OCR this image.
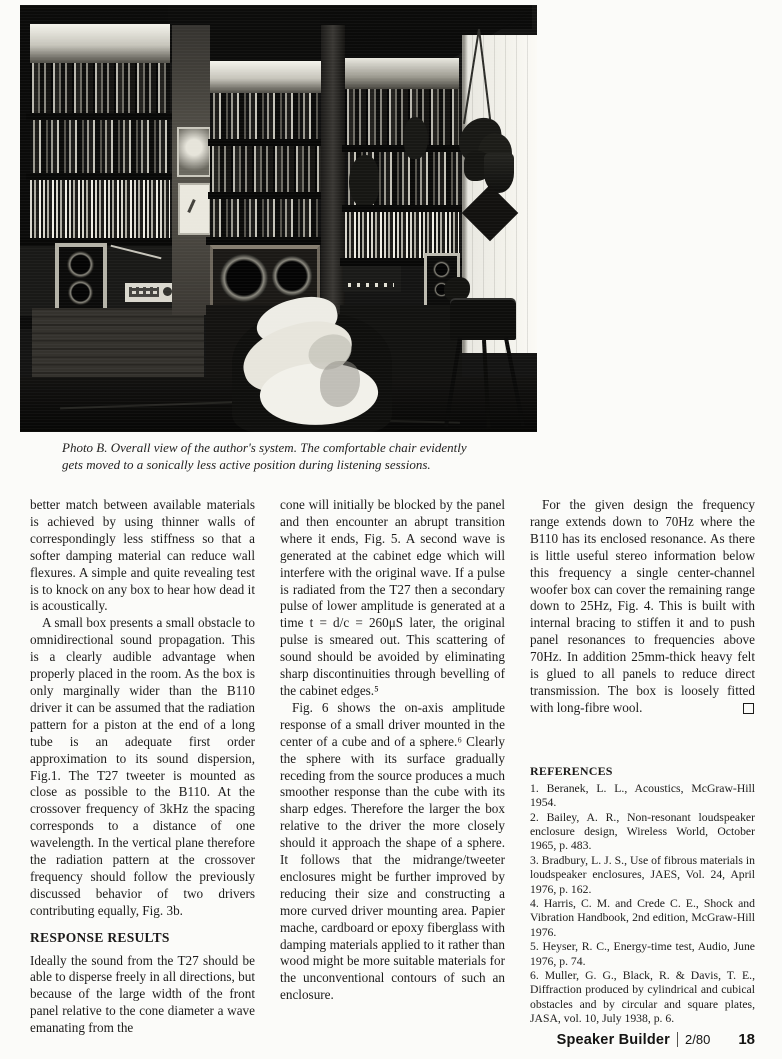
Photo B. Overall view of the author's system. The comfortable chair evidently
gets moved to a sonically less active position during listening sessions.

better match between available materials is achieved by using thinner walls of correspondingly less stiffness so that a softer damping material can reduce wall flexures. A simple and quite revealing test is to knock on any box to hear how dead it is acoustically.

A small box presents a small obstacle to omnidirectional sound propagation. This is a clearly audible advantage when properly placed in the room. As the box is only marginally wider than the B110 driver it can be assumed that the radiation pattern for a piston at the end of a long tube is an adequate first order approximation to its sound dispersion, Fig.1. The T27 tweeter is mounted as close as possible to the B110. At the crossover frequency of 3kHz the spacing corresponds to a distance of one wavelength. In the vertical plane therefore the radiation pattern at the crossover frequency should follow the previously discussed behavior of two drivers contributing equally, Fig. 3b.

RESPONSE RESULTS

Ideally the sound from the T27 should be able to disperse freely in all directions, but because of the large width of the front panel relative to the cone diameter a wave emanating from the

cone will initially be blocked by the panel and then encounter an abrupt transition where it ends, Fig. 5. A second wave is generated at the cabinet edge which will interfere with the original wave. If a pulse is radiated from the T27 then a secondary pulse of lower amplitude is generated at a time t = d/c = 260μS later, the original pulse is smeared out. This scattering of sound should be avoided by eliminating sharp discontinuities through bevelling of the cabinet edges.⁵

Fig. 6 shows the on-axis amplitude response of a small driver mounted in the center of a cube and of a sphere.⁶ Clearly the sphere with its surface gradually receding from the source produces a much smoother response than the cube with its sharp edges. Therefore the larger the box relative to the driver the more closely should it approach the shape of a sphere. It follows that the midrange/tweeter enclosures might be further improved by reducing their size and constructing a more curved driver mounting area. Papier mache, cardboard or epoxy fiberglass with damping materials applied to it rather than wood might be more suitable materials for the unconventional contours of such an enclosure.

For the given design the frequency range extends down to 70Hz where the B110 has its enclosed resonance. As there is little useful stereo information below this frequency a single center-channel woofer box can cover the remaining range down to 25Hz, Fig. 4. This is built with internal bracing to stiffen it and to push panel resonances to frequencies above 70Hz. In addition 25mm-thick heavy felt is glued to all panels to reduce direct transmission. The box is loosely fitted with long-fibre wool.

REFERENCES

1. Beranek, L. L., Acoustics, McGraw-Hill 1954.

2. Bailey, A. R., Non-resonant loudspeaker enclosure design, Wireless World, October 1965, p. 483.

3. Bradbury, L. J. S., Use of fibrous materials in loudspeaker enclosures, JAES, Vol. 24, April 1976, p. 162.

4. Harris, C. M. and Crede C. E., Shock and Vibration Handbook, 2nd edition, McGraw-Hill 1976.

5. Heyser, R. C., Energy-time test, Audio, June 1976, p. 74.

6. Muller, G. G., Black, R. & Davis, T. E., Diffraction produced by cylindrical and cubical obstacles and by circular and square plates, JASA, vol. 10, July 1938, p. 6.

Speaker Builder 2/80 18
